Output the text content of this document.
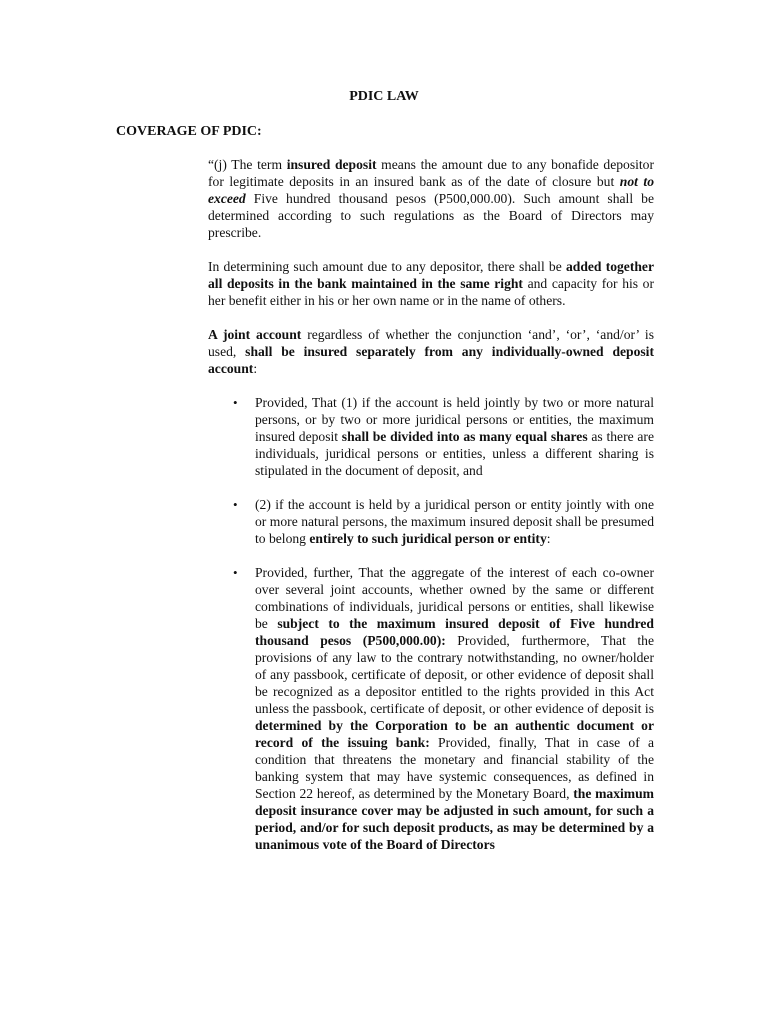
PDIC LAW
COVERAGE OF PDIC:

“(j) The term insured deposit means the amount due to any bonafide depositor for legitimate deposits in an insured bank as of the date of closure but not to exceed Five hundred thousand pesos (P500,000.00). Such amount shall be determined according to such regulations as the Board of Directors may prescribe.

In determining such amount due to any depositor, there shall be added together all deposits in the bank maintained in the same right and capacity for his or her benefit either in his or her own name or in the name of others.

A joint account regardless of whether the conjunction ‘and’, ‘or’, ‘and/or’ is used, shall be insured separately from any individually-owned deposit account:

• Provided, That (1) if the account is held jointly by two or more natural persons, or by two or more juridical persons or entities, the maximum insured deposit shall be divided into as many equal shares as there are individuals, juridical persons or entities, unless a different sharing is stipulated in the document of deposit, and
• (2) if the account is held by a juridical person or entity jointly with one or more natural persons, the maximum insured deposit shall be presumed to belong entirely to such juridical person or entity:
• Provided, further, That the aggregate of the interest of each co-owner over several joint accounts, whether owned by the same or different combinations of individuals, juridical persons or entities, shall likewise be subject to the maximum insured deposit of Five hundred thousand pesos (P500,000.00): Provided, furthermore, That the provisions of any law to the contrary notwithstanding, no owner/holder of any passbook, certificate of deposit, or other evidence of deposit shall be recognized as a depositor entitled to the rights provided in this Act unless the passbook, certificate of deposit, or other evidence of deposit is determined by the Corporation to be an authentic document or record of the issuing bank: Provided, finally, That in case of a condition that threatens the monetary and financial stability of the banking system that may have systemic consequences, as defined in Section 22 hereof, as determined by the Monetary Board, the maximum deposit insurance cover may be adjusted in such amount, for such a period, and/or for such deposit products, as may be determined by a unanimous vote of the Board of Directors
